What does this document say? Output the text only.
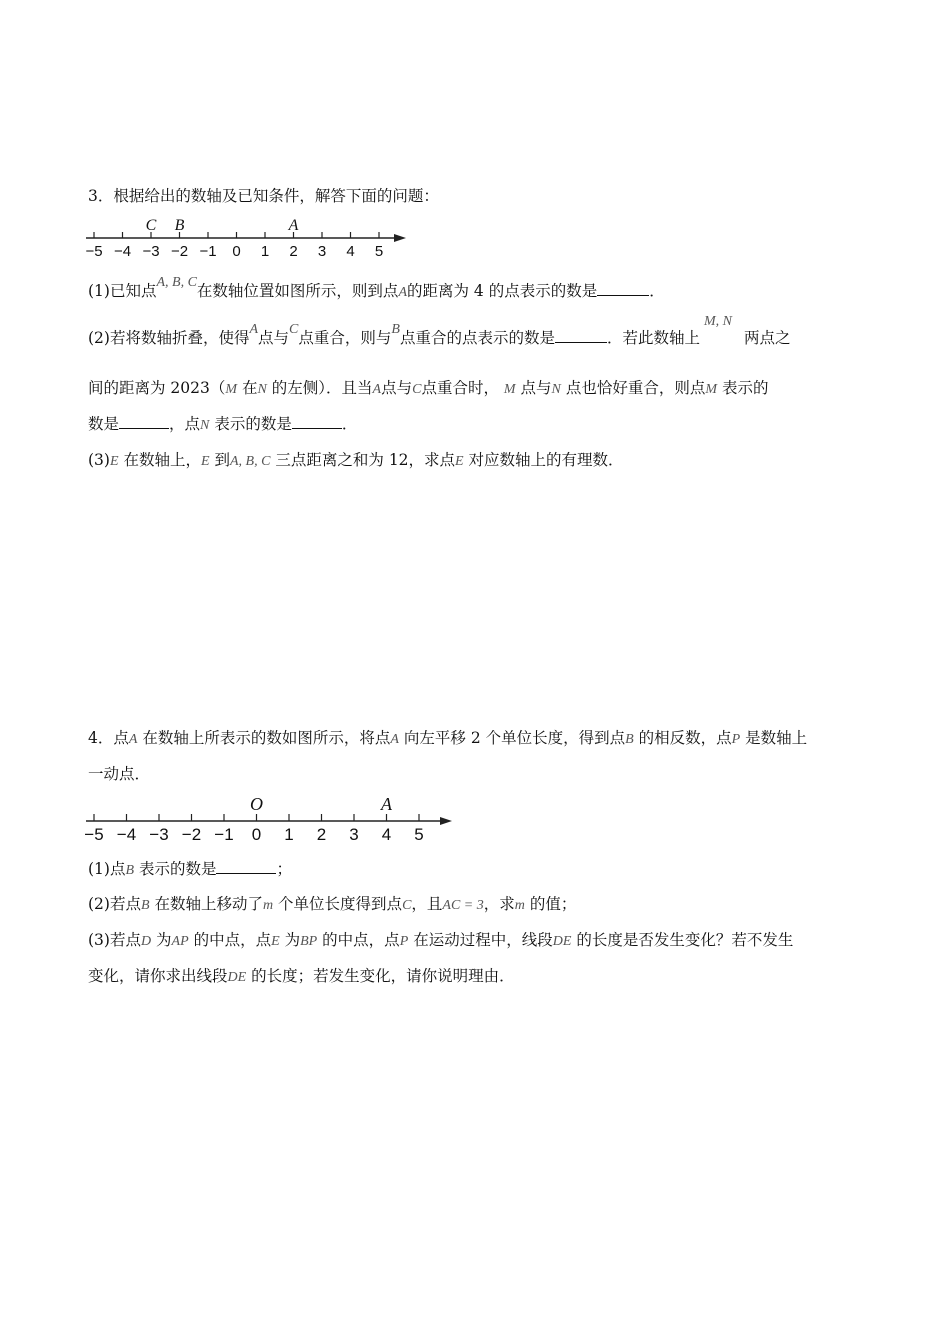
3．根据给出的数轴及已知条件，解答下面的问题：
−5 −4 −3 −2 −1 0 1 2 3 4 5
C B	A
(1)已知点A, B, C在数轴位置如图所示，则到点A的距离为 4 的点表示的数是	．
(2)若将数轴折叠，使得A点与C点重合，则与B点重合的点表示的数是	．若此数轴上M, N两点之
间的距离为 2023（M 在N 的左侧）．且当A点与C点重合时， M 点与N 点也恰好重合，则点M 表示的
数是	，点N 表示的数是	．
(3)E 在数轴上，E 到A, B, C 三点距离之和为 12，求点E 对应数轴上的有理数．
4．点A 在数轴上所表示的数如图所示，将点A 向左平移 2 个单位长度，得到点B 的相反数，点P 是数轴上
一动点．
−5 −4 −3 −2 −1 0 1 2 3 4 5
O	A
(1)点B 表示的数是	；
(2)若点B 在数轴上移动了m 个单位长度得到点C，且AC = 3，求m 的值；
(3)若点D 为AP 的中点，点E 为BP 的中点，点P 在运动过程中，线段DE 的长度是否发生变化？若不发生
变化，请你求出线段DE 的长度；若发生变化，请你说明理由．
